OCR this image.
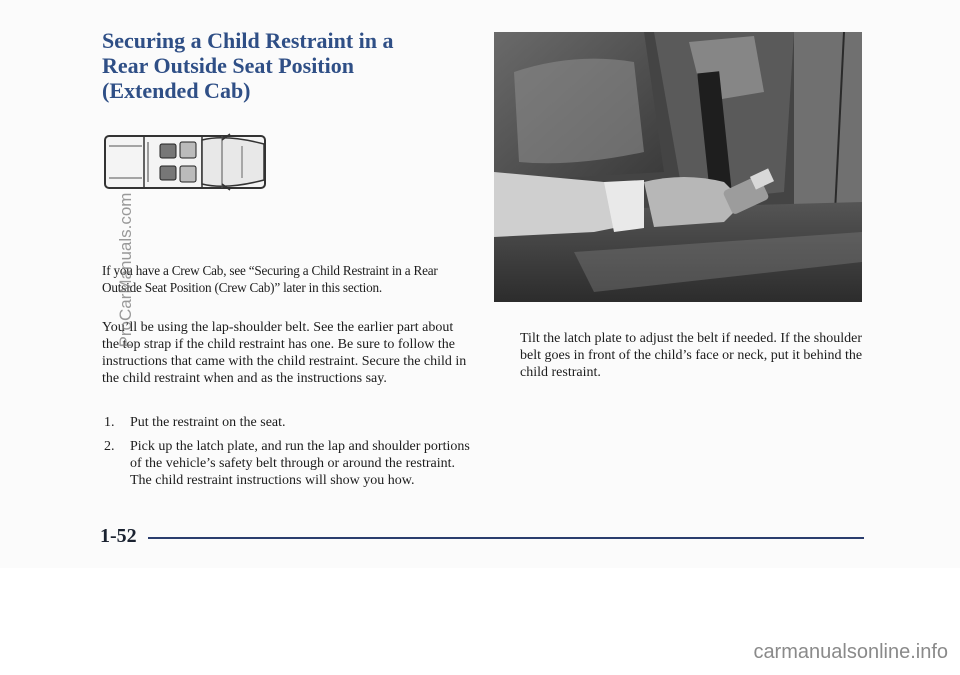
Securing a Child Restraint in a Rear Outside Seat Position (Extended Cab)

If you have a Crew Cab, see “Securing a Child Restraint in a Rear Outside Seat Position (Crew Cab)” later in this section.

You’ll be using the lap-shoulder belt. See the earlier part about the top strap if the child restraint has one. Be sure to follow the instructions that came with the child restraint. Secure the child in the child restraint when and as the instructions say.

1. Put the restraint on the seat.
2. Pick up the latch plate, and run the lap and shoulder portions of the vehicle’s safety belt through or around the restraint. The child restraint instructions will show you how.

Tilt the latch plate to adjust the belt if needed. If the shoulder belt goes in front of the child’s face or neck, put it behind the child restraint.

1-52
ProCarManuals.com
carmanualsonline.info
